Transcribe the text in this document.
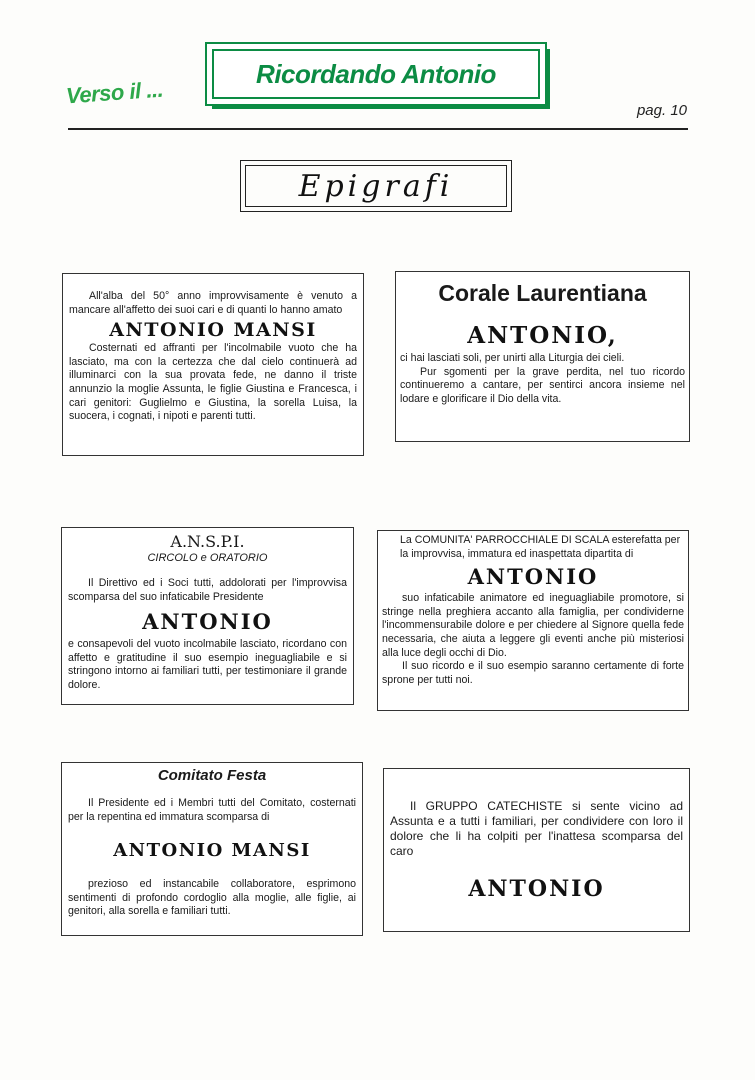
Verso il ...
Ricordando Antonio
pag. 10
Epigrafi

All'alba del 50° anno improvvisamente è venuto a mancare all'affetto dei suoi cari e di quanti lo hanno amato

ANTONIO MANSI

Costernati ed affranti per l'incolmabile vuoto che ha lasciato, ma con la certezza che dal cielo continuerà ad illuminarci con la sua provata fede, ne danno il triste annunzio la moglie Assunta, le figlie Giustina e Francesca, i cari genitori: Guglielmo e Giustina, la sorella Luisa, la suocera, i cognati, i nipoti e parenti tutti.

Corale Laurentiana
ANTONIO,

ci hai lasciati soli, per unirti alla Liturgia dei cieli.

Pur sgomenti per la grave perdita, nel tuo ricordo continueremo a cantare, per sentirci ancora insieme nel lodare e glorificare il Dio della vita.

A.N.S.P.I.
CIRCOLO e ORATORIO

Il Direttivo ed i Soci tutti, addolorati per l'improvvisa scomparsa del suo infaticabile Presidente

ANTONIO

e consapevoli del vuoto incolmabile lasciato, ricordano con affetto e gratitudine il suo esempio ineguagliabile e si stringono intorno ai familiari tutti, per testimoniare il grande dolore.

La COMUNITA' PARROCCHIALE DI SCALA esterefatta per la improvvisa, immatura ed inaspettata dipartita di

ANTONIO

suo infaticabile animatore ed ineguagliabile promotore, si stringe nella preghiera accanto alla famiglia, per condividerne l'incommensurabile dolore e per chiedere al Signore quella fede necessaria, che aiuta a leggere gli eventi anche più misteriosi alla luce degli occhi di Dio.

Il suo ricordo e il suo esempio saranno certamente di forte sprone per tutti noi.

Comitato Festa

Il Presidente ed i Membri tutti del Comitato, costernati per la repentina ed immatura scomparsa di

ANTONIO MANSI

prezioso ed instancabile collaboratore, esprimono sentimenti di profondo cordoglio alla moglie, alle figlie, ai genitori, alla sorella e familiari tutti.

Il GRUPPO CATECHISTE si sente vicino ad Assunta e a tutti i familiari, per condividere con loro il dolore che li ha colpiti per l'inattesa scomparsa del caro

ANTONIO
